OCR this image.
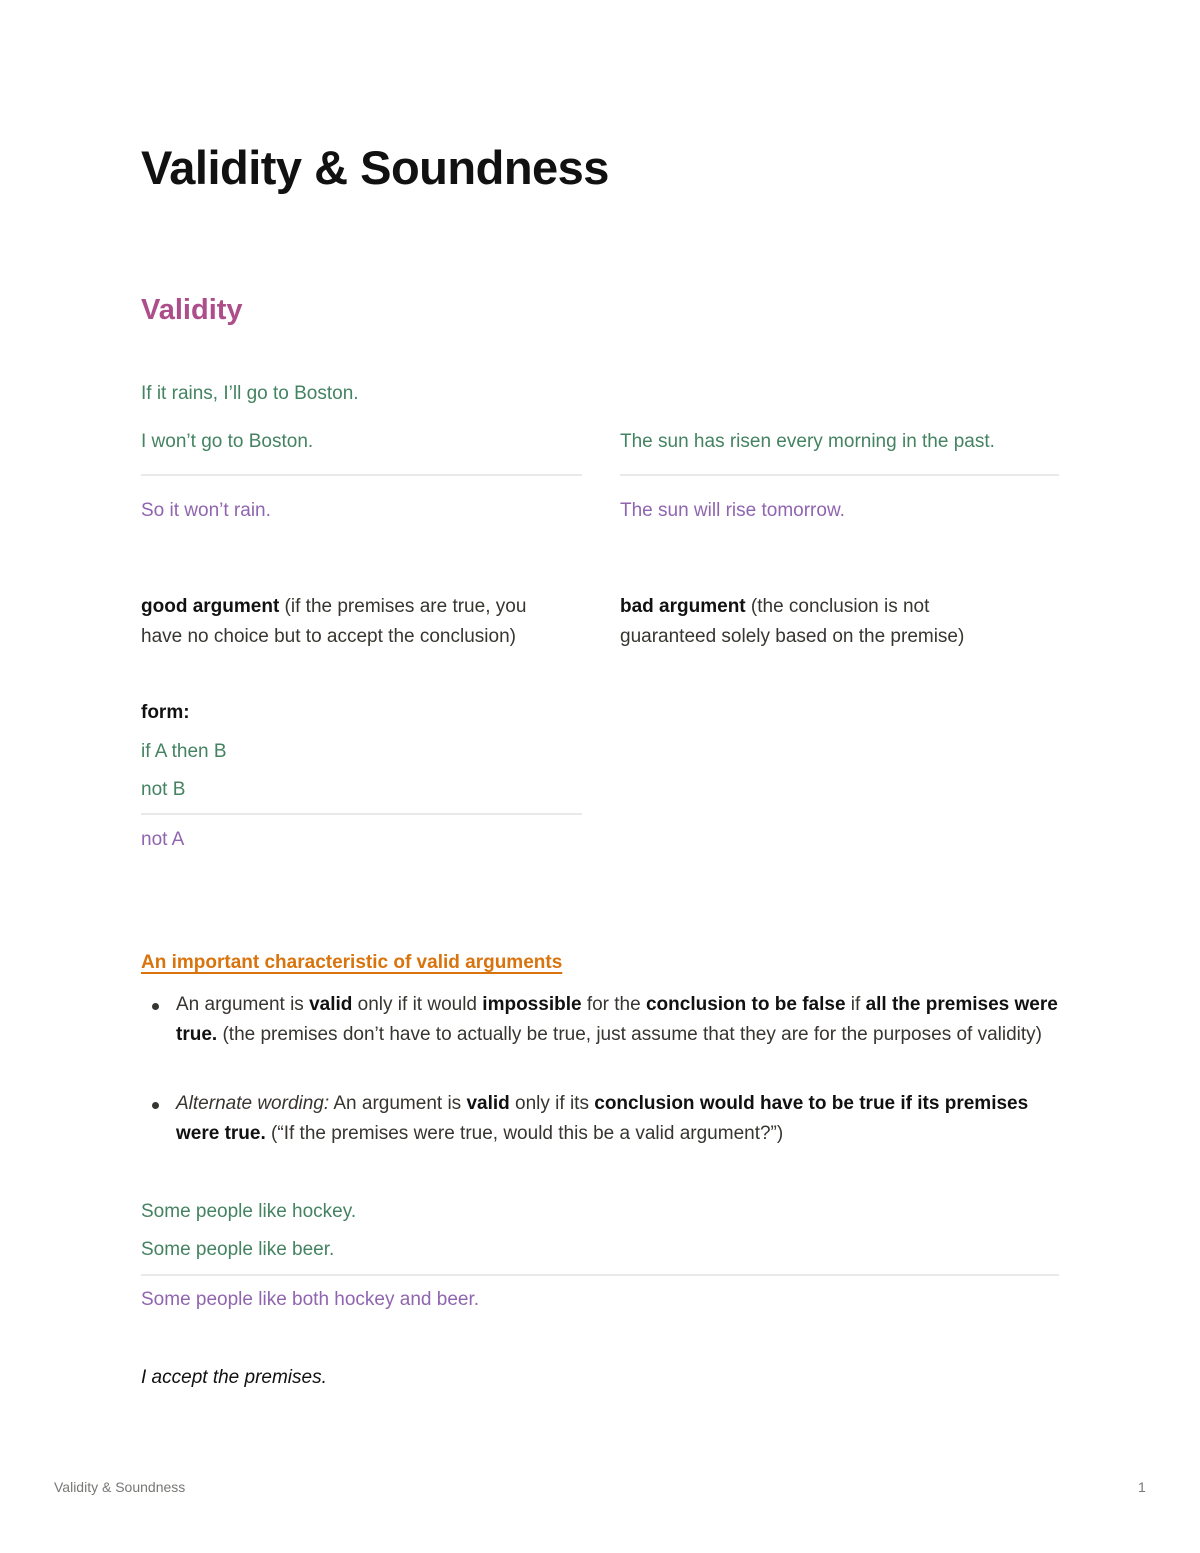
Validity & Soundness
Validity
If it rains, I’ll go to Boston.
I won’t go to Boston.
So it won’t rain.
The sun has risen every morning in the past.
The sun will rise tomorrow.
good argument (if the premises are true, you have no choice but to accept the conclusion)
bad argument (the conclusion is not guaranteed solely based on the premise)
form:
if A then B
not B
not A
An important characteristic of valid arguments
An argument is valid only if it would impossible for the conclusion to be false if all the premises were true. (the premises don’t have to actually be true, just assume that they are for the purposes of validity)
Alternate wording: An argument is valid only if its conclusion would have to be true if its premises were true. (“If the premises were true, would this be a valid argument?”)
Some people like hockey.
Some people like beer.
Some people like both hockey and beer.
I accept the premises.
Validity & Soundness	1
